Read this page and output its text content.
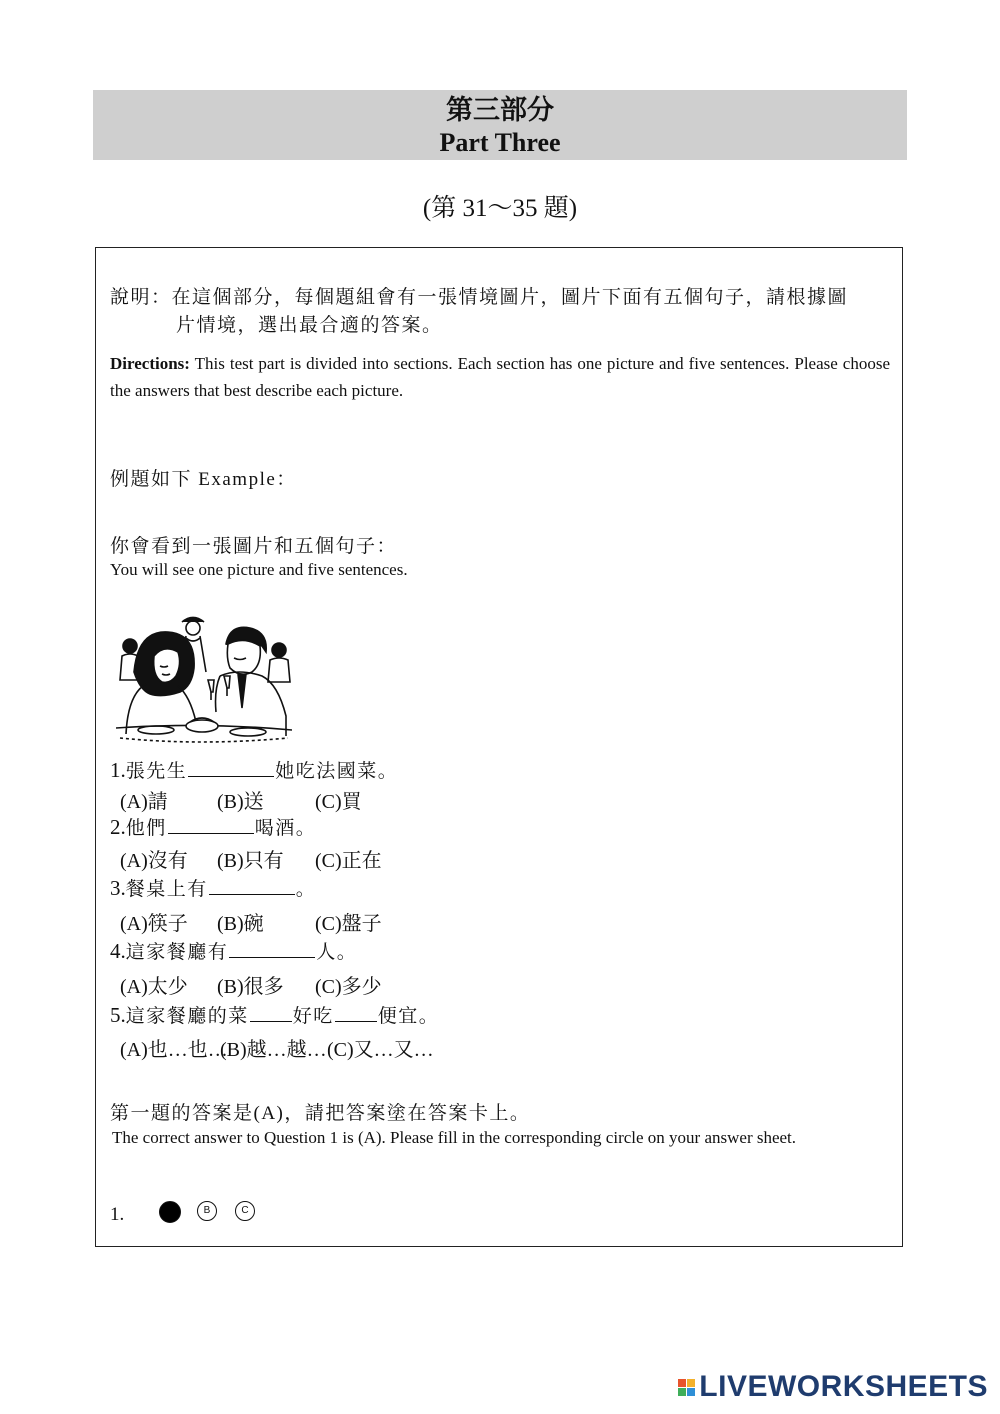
第三部分
Part Three
(第 31～35 題)
說明：在這個部分，每個題組會有一張情境圖片，圖片下面有五個句子，請根據圖
片情境，選出最合適的答案。
Directions: This test part is divided into sections. Each section has one picture and five sentences. Please choose the answers that best describe each picture.
例題如下 Example：
你會看到一張圖片和五個句子：
You will see one picture and five sentences.
1.張先生	她吃法國菜。
(A)請 (B)送	(C)買
2.他們	喝酒。
(A)沒有 (B)只有 (C)正在
3.餐桌上有	。
(A)筷子 (B)碗	(C)盤子
4.這家餐廳有	人。
(A)太少 (B)很多 (C)多少
5.這家餐廳的菜 好吃 便宜。
(A)也…也…
(B)越…越… (C)又…又…
第一題的答案是(A)，請把答案塗在答案卡上。
The correct answer to Question 1 is (A). Please fill in the corresponding circle on your answer sheet.
1.	B	C
LIVEWORKSHEETS
